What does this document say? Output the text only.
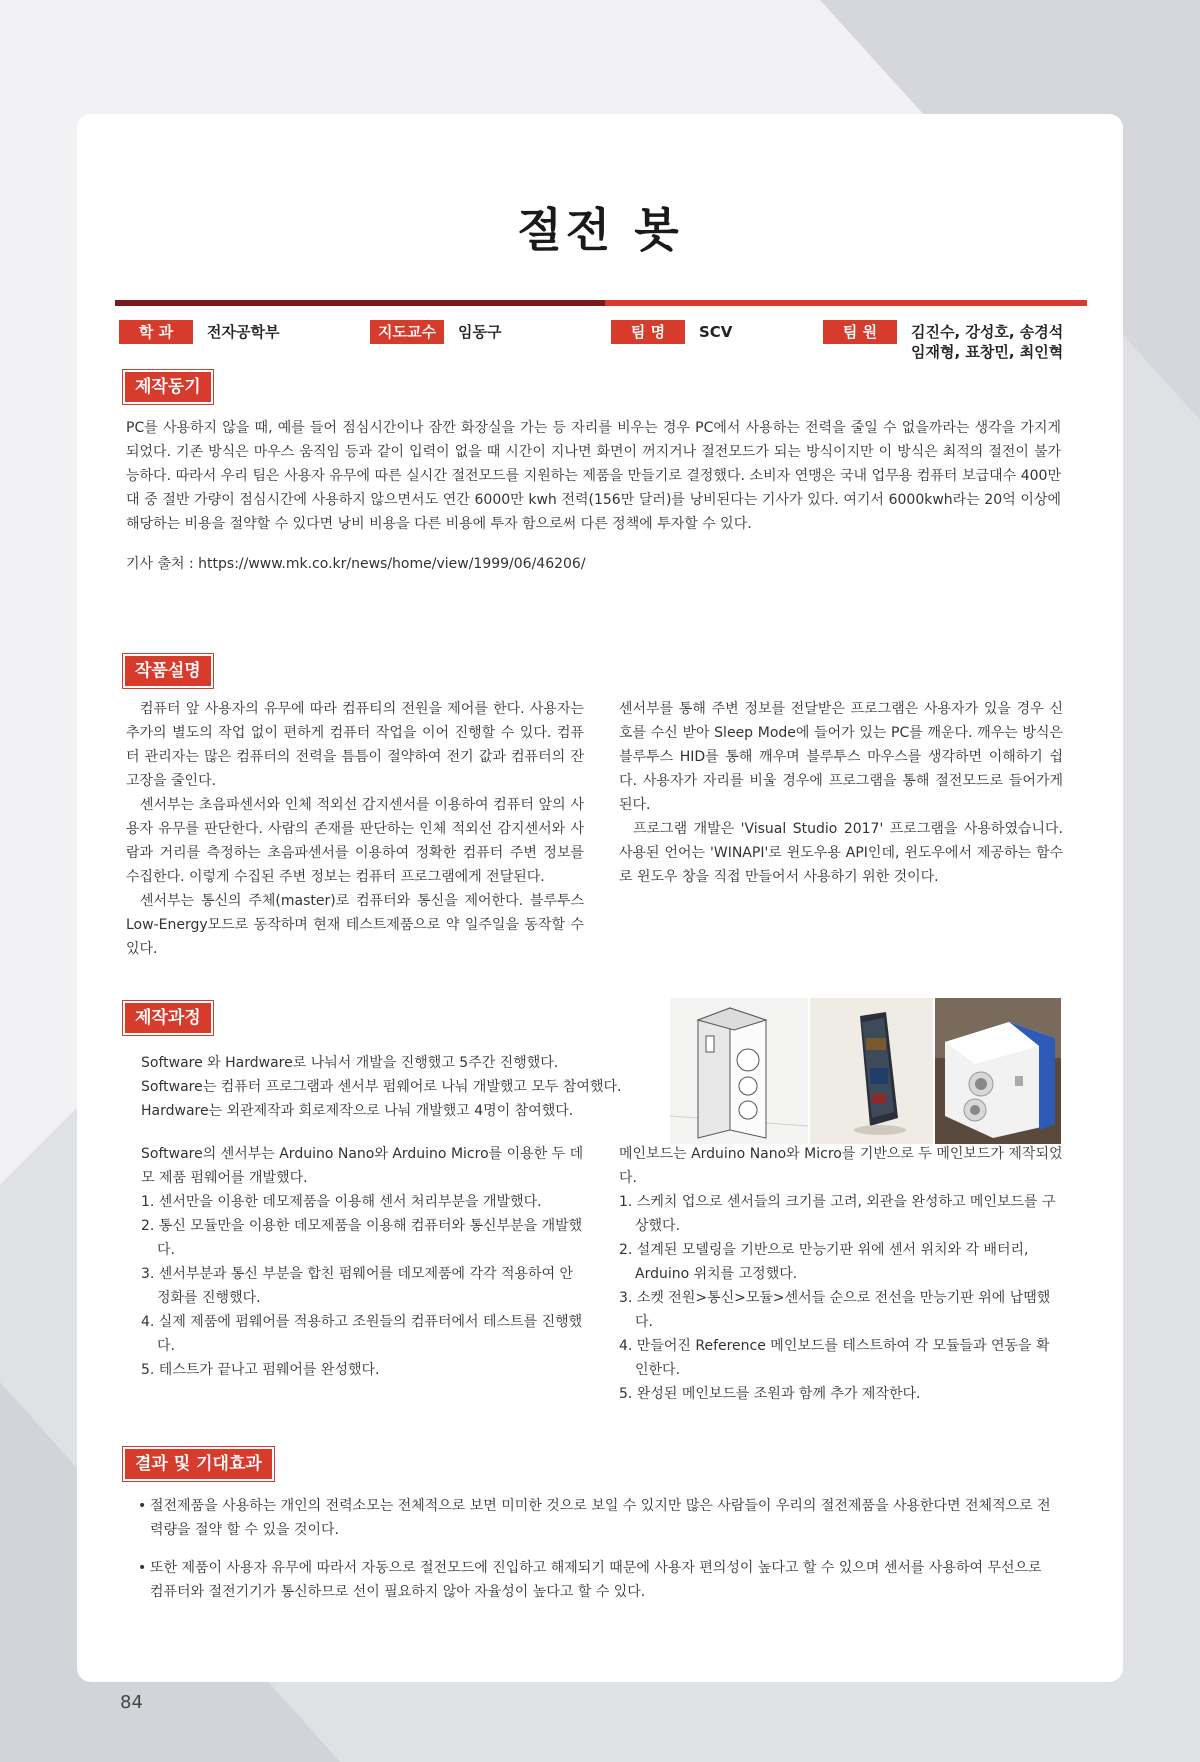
절전 봇
학 과	전자공학부	지도교수	임동구	팀 명	SCV	팀 원	김진수, 강성호, 송경석
임재형, 표창민, 최인혁
제작동기

PC를 사용하지 않을 때, 예를 들어 점심시간이나 잠깐 화장실을 가는 등 자리를 비우는 경우 PC에서 사용하는 전력을 줄일 수 없을까라는 생각을 가지게 되었다. 기존 방식은 마우스 움직임 등과 같이 입력이 없을 때 시간이 지나면 화면이 꺼지거나 절전모드가 되는 방식이지만 이 방식은 최적의 절전이 불가능하다. 따라서 우리 팀은 사용자 유무에 따른 실시간 절전모드를 지원하는 제품을 만들기로 결정했다. 소비자 연맹은 국내 업무용 컴퓨터 보급대수 400만대 중 절반 가량이 점심시간에 사용하지 않으면서도 연간 6000만 kwh 전력(156만 달러)를 낭비된다는 기사가 있다. 여기서 6000kwh라는 20억 이상에 해당하는 비용을 절약할 수 있다면 낭비 비용을 다른 비용에 투자 함으로써 다른 정책에 투자할 수 있다.

기사 출처 : https://www.mk.co.kr/news/home/view/1999/06/46206/

작품설명

컴퓨터 앞 사용자의 유무에 따라 컴퓨티의 전원을 제어를 한다. 사용자는 추가의 별도의 작업 없이 편하게 컴퓨터 작업을 이어 진행할 수 있다. 컴퓨터 관리자는 많은 컴퓨터의 전력을 틈틈이 절약하여 전기 값과 컴퓨터의 잔 고장을 줄인다.

센서부는 초음파센서와 인체 적외선 감지센서를 이용하여 컴퓨터 앞의 사용자 유무를 판단한다. 사람의 존재를 판단하는 인체 적외선 감지센서와 사람과 거리를 측정하는 초음파센서를 이용하여 정확한 컴퓨터 주변 정보를 수집한다. 이렇게 수집된 주변 정보는 컴퓨터 프로그램에게 전달된다.

센서부는 통신의 주체(master)로 컴퓨터와 통신을 제어한다. 블루투스 Low-Energy모드로 동작하며 현재 테스트제품으로 약 일주일을 동작할 수 있다.

센서부를 통해 주변 정보를 전달받은 프로그램은 사용자가 있을 경우 신호를 수신 받아 Sleep Mode에 들어가 있는 PC를 깨운다. 깨우는 방식은 블루투스 HID를 통해 깨우며 블루투스 마우스를 생각하면 이해하기 쉽다. 사용자가 자리를 비울 경우에 프로그램을 통해 절전모드로 들어가게 된다.

프로그램 개발은 'Visual Studio 2017' 프로그램을 사용하였습니다. 사용된 언어는 'WINAPI'로 윈도우용 API인데, 윈도우에서 제공하는 함수로 윈도우 창을 직접 만들어서 사용하기 위한 것이다.

제작과정

Software 와 Hardware로 나눠서 개발을 진행했고 5주간 진행했다.

Software는 컴퓨터 프로그램과 센서부 펌웨어로 나눠 개발했고 모두 참여했다.

Hardware는 외관제작과 회로제작으로 나눠 개발했고 4명이 참여했다.

Software의 센서부는 Arduino Nano와 Arduino Micro를 이용한 두 데모 제품 펌웨어를 개발했다.

1. 센서만을 이용한 데모제품을 이용해 센서 처리부분을 개발했다.
2. 통신 모듈만을 이용한 데모제품을 이용해 컴퓨터와 통신부분을 개발했다.
3. 센서부분과 통신 부분을 합친 펌웨어를 데모제품에 각각 적용하여 안정화를 진행했다.
4. 실제 제품에 펌웨어를 적용하고 조원들의 컴퓨터에서 테스트를 진행했다.
5. 테스트가 끝나고 펌웨어를 완성했다.

메인보드는 Arduino Nano와 Micro를 기반으로 두 메인보드가 제작되었다.

1. 스케치 업으로 센서들의 크기를 고려, 외관을 완성하고 메인보드를 구상했다.
2. 설계된 모델링을 기반으로 만능기판 위에 센서 위치와 각 배터리, Arduino 위치를 고정했다.
3. 소켓 전원>통신>모듈>센서들 순으로 전선을 만능기판 위에 납땜했다.
4. 만들어진 Reference 메인보드를 테스트하여 각 모듈들과 연동을 확인한다.
5. 완성된 메인보드를 조원과 함께 추가 제작한다.
결과 및 기대효과
• 절전제품을 사용하는 개인의 전력소모는 전체적으로 보면 미미한 것으로 보일 수 있지만 많은 사람들이 우리의 절전제품을 사용한다면 전체적으로 전력량을 절약 할 수 있을 것이다.
• 또한 제품이 사용자 유무에 따라서 자동으로 절전모드에 진입하고 해제되기 때문에 사용자 편의성이 높다고 할 수 있으며 센서를 사용하여 무선으로 컴퓨터와 절전기기가 통신하므로 선이 필요하지 않아 자율성이 높다고 할 수 있다.
84
